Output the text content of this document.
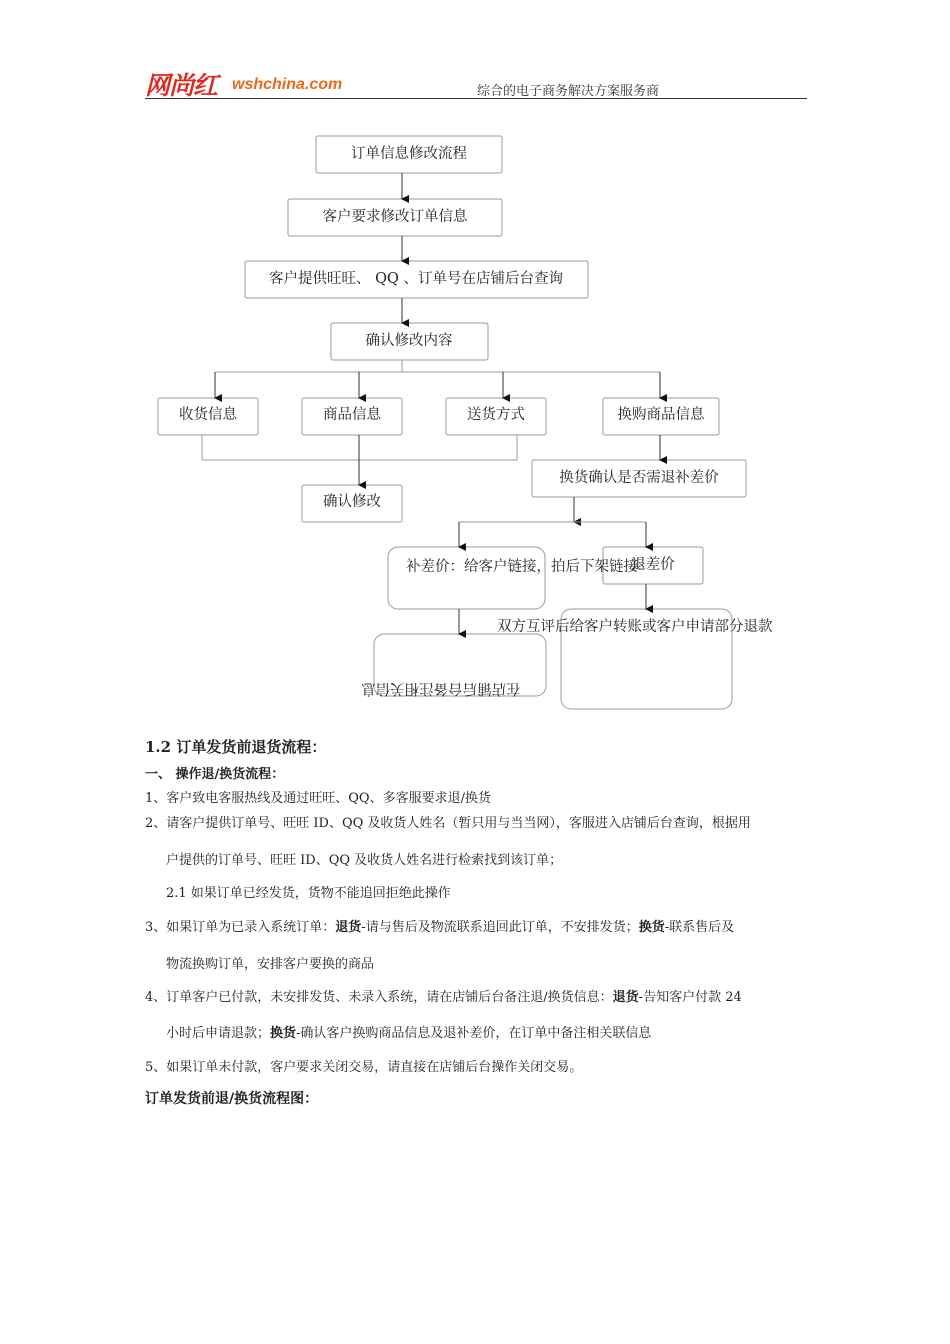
网尚红 wshchina.com	综合的电子商务解决方案服务商
订单信息修改流程
客户要求修改订单信息
客户提供旺旺、 QQ 、订单号在店铺后台查询
确认修改内容
收货信息	商品信息	送货方式	换购商品信息
确认修改
换货确认是否需退补差价
补差价：给客户链接，拍后下架链接
退差价
双方互评后给客户转账或客户申请部分退款
在店铺后台备注相关信息
1.2 订单发货前退货流程：
一、 操作退/换货流程：
1、客户致电客服热线及通过旺旺、QQ、多客服要求退/换货
2、请客户提供订单号、旺旺 ID、QQ 及收货人姓名（暂只用与当当网），客服进入店铺后台查询，根据用
户提供的订单号、旺旺 ID、QQ 及收货人姓名进行检索找到该订单；
2.1 如果订单已经发货，货物不能追回拒绝此操作
3、如果订单为已录入系统订单：退货-请与售后及物流联系追回此订单，不安排发货；换货-联系售后及
物流换购订单，安排客户要换的商品
4、订单客户已付款，未安排发货、未录入系统，请在店铺后台备注退/换货信息：退货-告知客户付款 24
小时后申请退款；换货-确认客户换购商品信息及退补差价，在订单中备注相关联信息
5、如果订单未付款，客户要求关闭交易，请直接在店铺后台操作关闭交易。
订单发货前退/换货流程图：
